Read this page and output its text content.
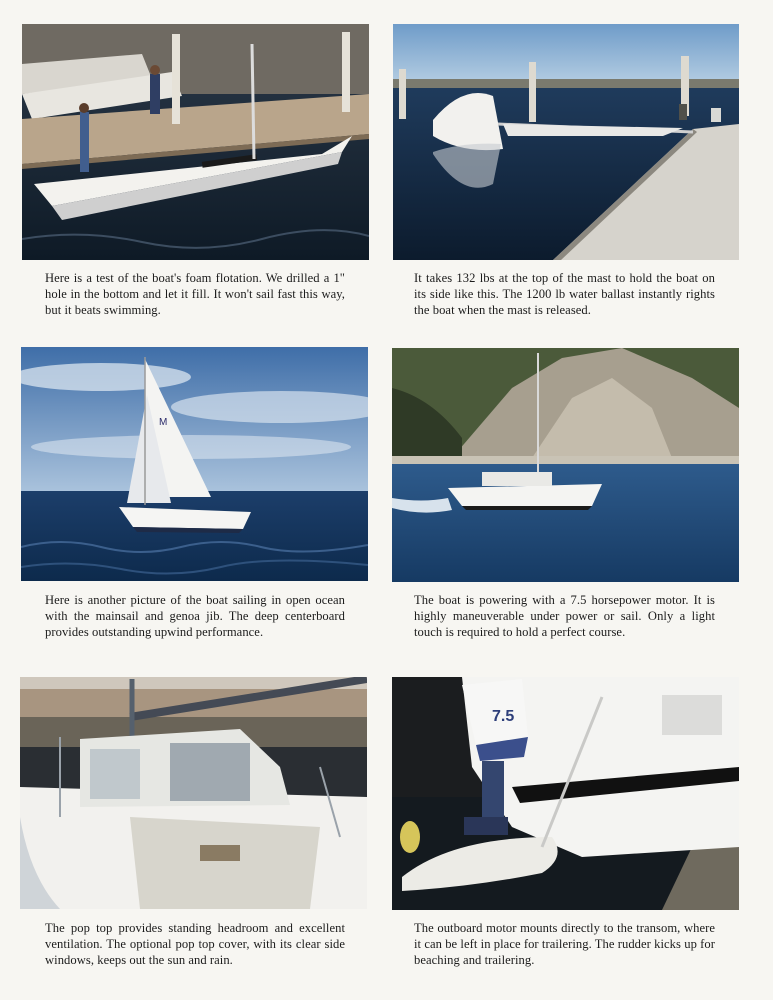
Here is a test of the boat's foam flotation. We drilled a 1" hole in the bottom and let it fill. It won't sail fast this way, but it beats swimming.
It takes 132 lbs at the top of the mast to hold the boat on its side like this. The 1200 lb water ballast instantly rights the boat when the mast is released.
M
Here is another picture of the boat sailing in open ocean with the mainsail and genoa jib. The deep centerboard provides outstanding upwind performance.
The boat is powering with a 7.5 horsepower motor. It is highly maneuverable under power or sail. Only a light touch is required to hold a perfect course.
The pop top provides standing headroom and excellent ventilation. The optional pop top cover, with its clear side windows, keeps out the sun and rain.
7.5
The outboard motor mounts directly to the transom, where it can be left in place for trailering. The rudder kicks up for beaching and trailering.
